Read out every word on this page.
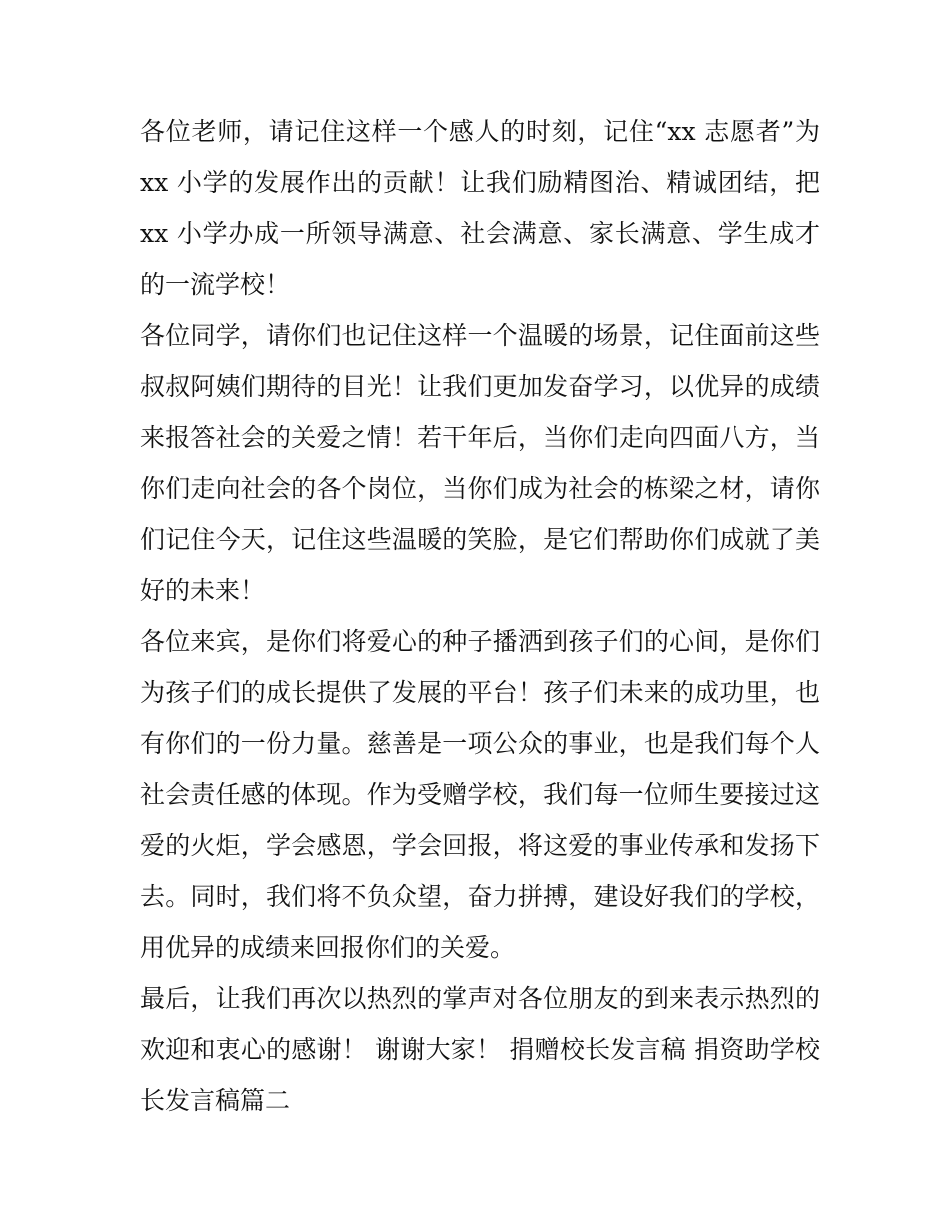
各位老师，请记住这样一个感人的时刻，记住“xx 志愿者”为
xx 小学的发展作出的贡献！让我们励精图治、精诚团结，把
xx 小学办成一所领导满意、社会满意、家长满意、学生成才
的一流学校！
各位同学，请你们也记住这样一个温暖的场景，记住面前这些
叔叔阿姨们期待的目光！让我们更加发奋学习，以优异的成绩
来报答社会的关爱之情！若干年后，当你们走向四面八方，当
你们走向社会的各个岗位，当你们成为社会的栋梁之材，请你
们记住今天，记住这些温暖的笑脸，是它们帮助你们成就了美
好的未来！
各位来宾，是你们将爱心的种子播洒到孩子们的心间，是你们
为孩子们的成长提供了发展的平台！孩子们未来的成功里，也
有你们的一份力量。慈善是一项公众的事业，也是我们每个人
社会责任感的体现。作为受赠学校，我们每一位师生要接过这
爱的火炬，学会感恩，学会回报，将这爱的事业传承和发扬下
去。同时，我们将不负众望，奋力拼搏，建设好我们的学校，
用优异的成绩来回报你们的关爱。
最后，让我们再次以热烈的掌声对各位朋友的到来表示热烈的
欢迎和衷心的感谢！ 谢谢大家！ 捐赠校长发言稿 捐资助学校
长发言稿篇二
